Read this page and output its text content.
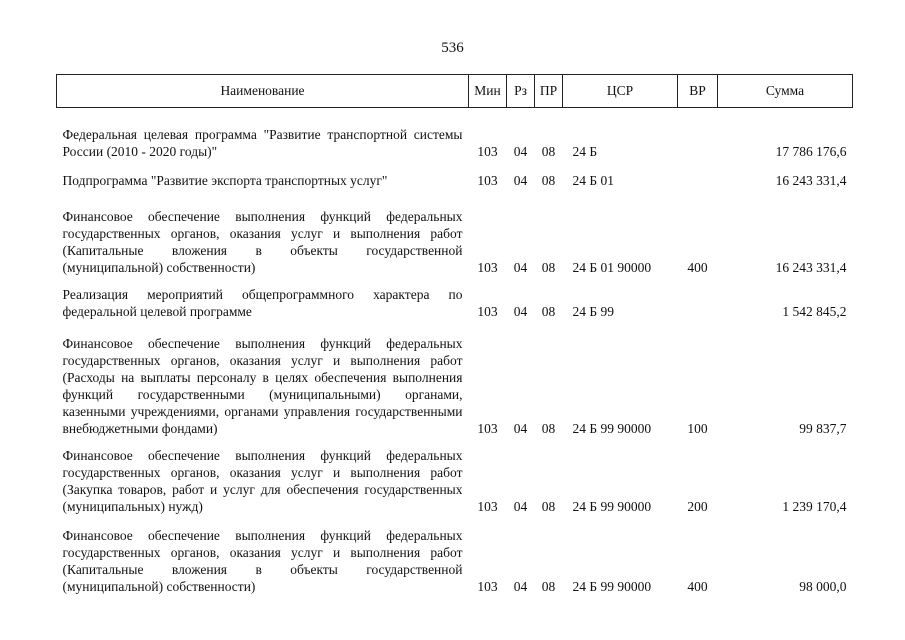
536
Наименование	Мин	Рз	ПР	ЦСР	ВР	Сумма

Федеральная целевая программа "Развитие транспортной системы России (2010 - 2020 годы)"	103	04	08	24 Б		17 786 176,6

Подпрограмма "Развитие экспорта транспортных услуг"	103	04	08	24 Б 01		16 243 331,4

Финансовое обеспечение выполнения функций федеральных государственных органов, оказания услуг и выполнения работ (Капитальные вложения в объекты государственной (муниципальной) собственности)	103	04	08	24 Б 01 90000	400	16 243 331,4

Реализация мероприятий общепрограммного характера по федеральной целевой программе	103	04	08	24 Б 99		1 542 845,2

Финансовое обеспечение выполнения функций федеральных государственных органов, оказания услуг и выполнения работ (Расходы на выплаты персоналу в целях обеспечения выполнения функций государственными (муниципальными) органами, казенными учреждениями, органами управления государственными внебюджетными фондами)	103	04	08	24 Б 99 90000	100	99 837,7

Финансовое обеспечение выполнения функций федеральных государственных органов, оказания услуг и выполнения работ (Закупка товаров, работ и услуг для обеспечения государственных (муниципальных) нужд)	103	04	08	24 Б 99 90000	200	1 239 170,4

Финансовое обеспечение выполнения функций федеральных государственных органов, оказания услуг и выполнения работ (Капитальные вложения в объекты государственной (муниципальной) собственности)	103	04	08	24 Б 99 90000	400	98 000,0
